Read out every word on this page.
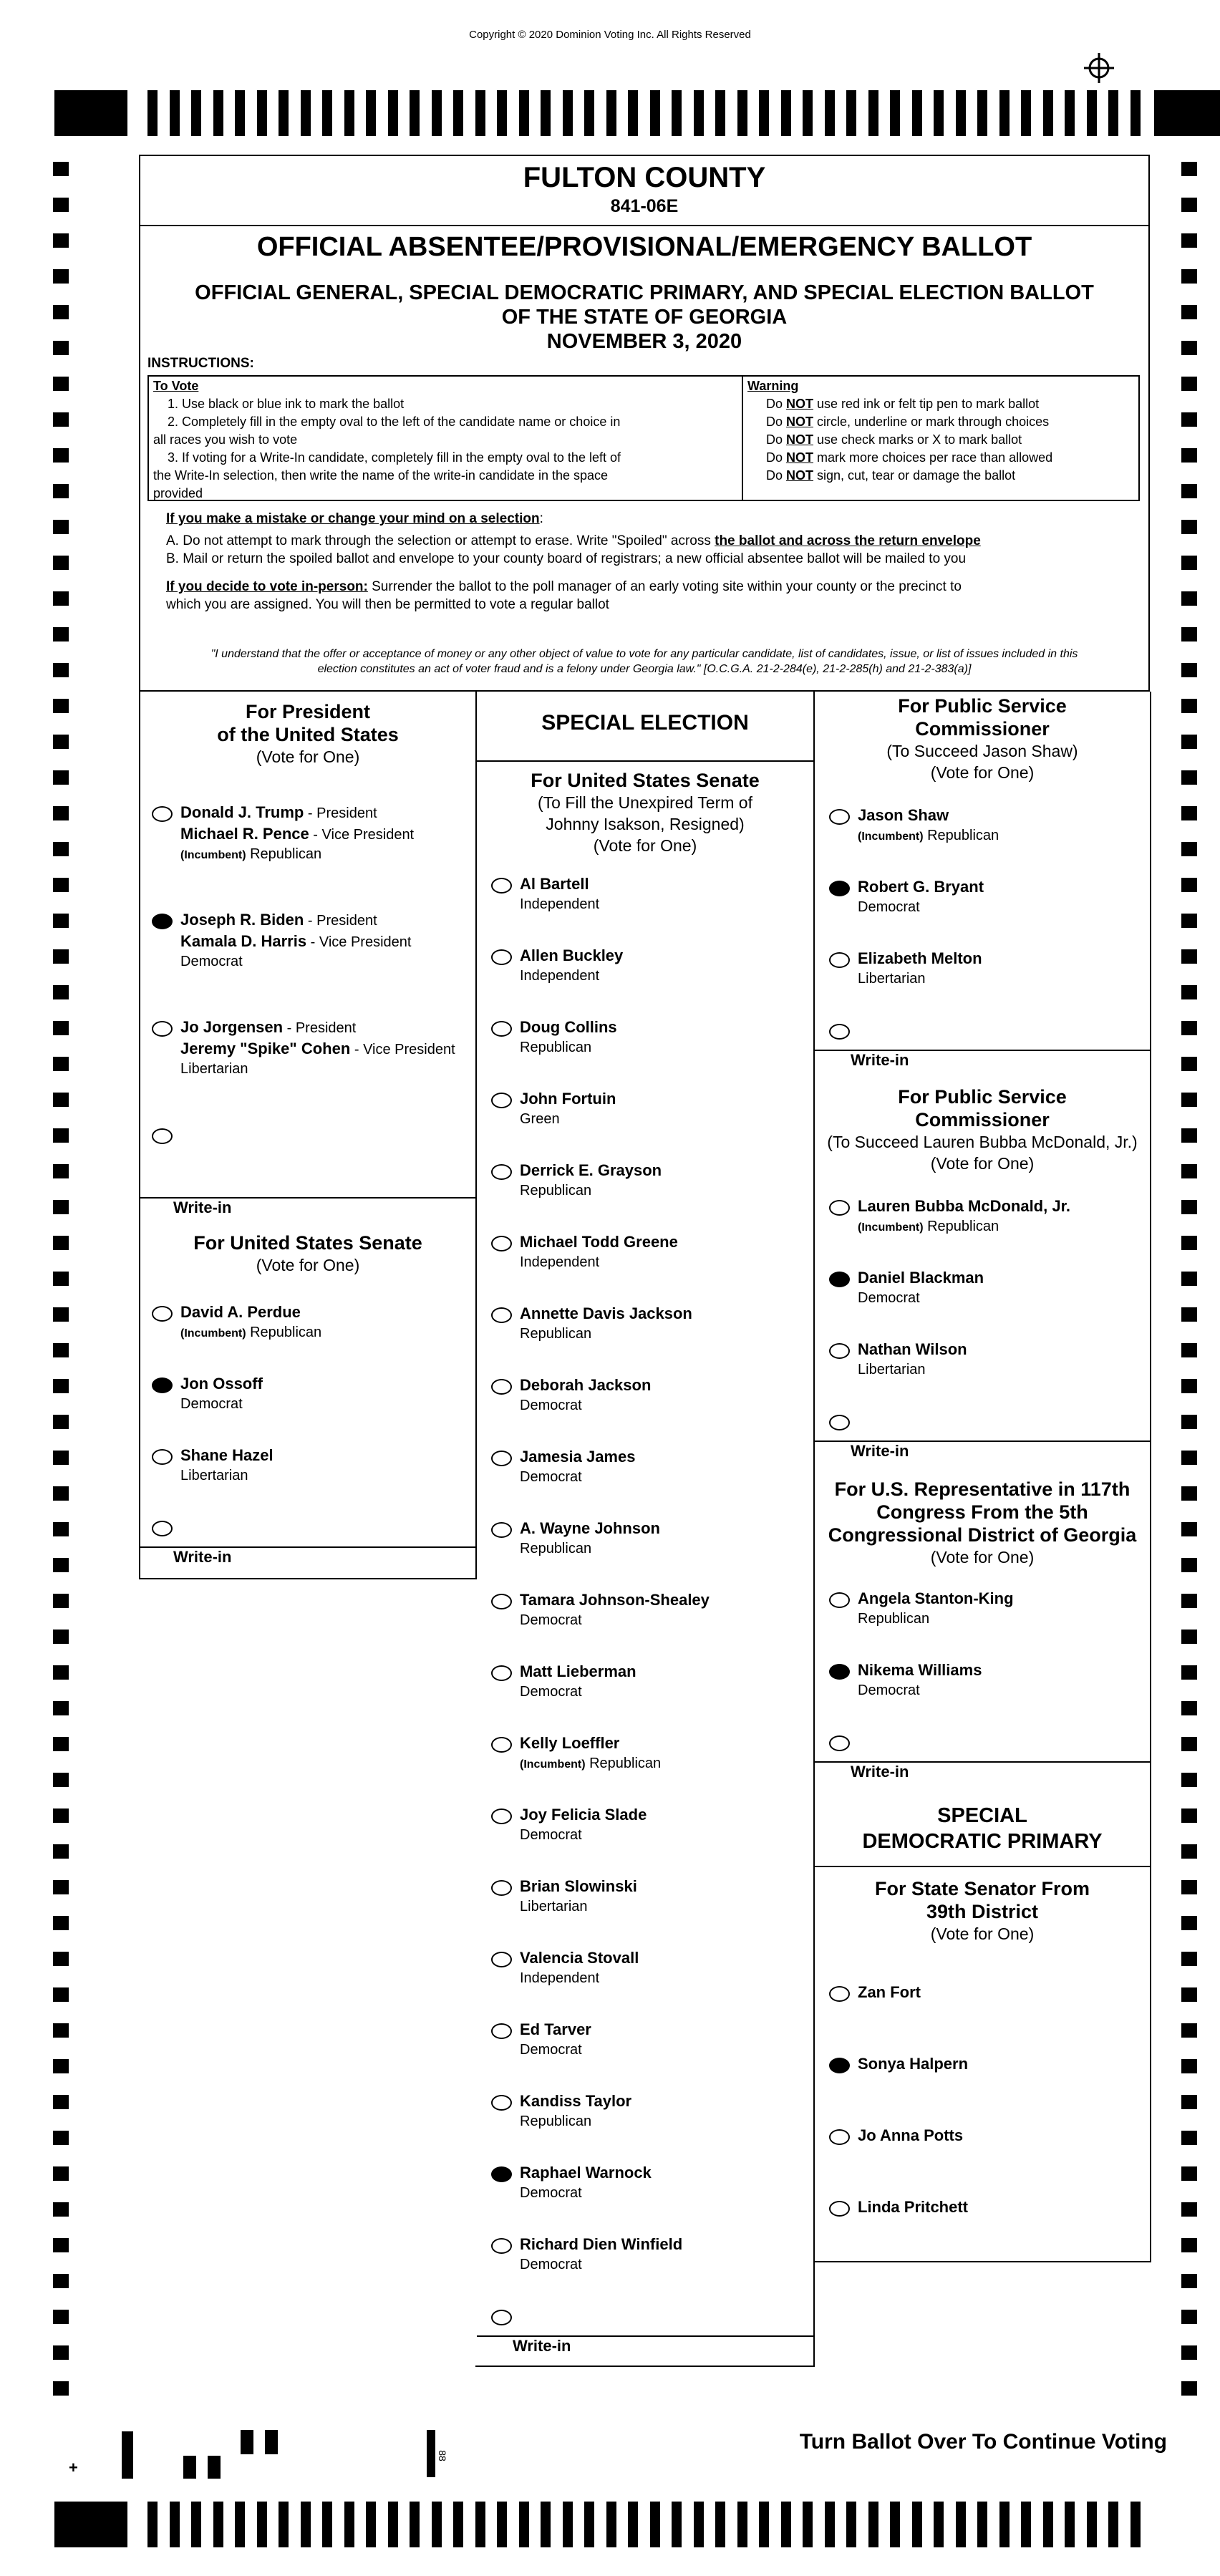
Copyright © 2020 Dominion Voting Inc. All Rights Reserved
FULTON COUNTY
841-06E
OFFICIAL ABSENTEE/PROVISIONAL/EMERGENCY BALLOT
OFFICIAL GENERAL, SPECIAL DEMOCRATIC PRIMARY, AND SPECIAL ELECTION BALLOT
OF THE STATE OF GEORGIA
NOVEMBER 3, 2020
INSTRUCTIONS:
To Vote
1. Use black or blue ink to mark the ballot
2. Completely fill in the empty oval to the left of the candidate name or choice in
all races you wish to vote
3. If voting for a Write-In candidate, completely fill in the empty oval to the left of
the Write-In selection, then write the name of the write-in candidate in the space
provided
Warning
Do NOT use red ink or felt tip pen to mark ballot
Do NOT circle, underline or mark through choices
Do NOT use check marks or X to mark ballot
Do NOT mark more choices per race than allowed
Do NOT sign, cut, tear or damage the ballot
If you make a mistake or change your mind on a selection:
A. Do not attempt to mark through the selection or attempt to erase. Write "Spoiled" across the ballot and across the return envelope
B. Mail or return the spoiled ballot and envelope to your county board of registrars; a new official absentee ballot will be mailed to you
If you decide to vote in-person: Surrender the ballot to the poll manager of an early voting site within your county or the precinct to
which you are assigned. You will then be permitted to vote a regular ballot
"I understand that the offer or acceptance of money or any other object of value to vote for any particular candidate, list of candidates, issue, or list of issues included in this
election constitutes an act of voter fraud and is a felony under Georgia law." [O.C.G.A. 21-2-284(e), 21-2-285(h) and 21-2-383(a)]
For President
of the United States
(Vote for One)
Donald J. Trump - President
Michael R. Pence - Vice President
(Incumbent) Republican
Joseph R. Biden - President
Kamala D. Harris - Vice President
Democrat
Jo Jorgensen - President
Jeremy "Spike" Cohen - Vice President
Libertarian
Write-in
For United States Senate
(Vote for One)
David A. Perdue
(Incumbent) Republican
Jon Ossoff
Democrat
Shane Hazel
Libertarian
Write-in
SPECIAL ELECTION
For United States Senate
(To Fill the Unexpired Term of
Johnny Isakson, Resigned)
(Vote for One)
Al Bartell
Independent
Allen Buckley
Independent
Doug Collins
Republican
John Fortuin
Green
Derrick E. Grayson
Republican
Michael Todd Greene
Independent
Annette Davis Jackson
Republican
Deborah Jackson
Democrat
Jamesia James
Democrat
A. Wayne Johnson
Republican
Tamara Johnson-Shealey
Democrat
Matt Lieberman
Democrat
Kelly Loeffler
(Incumbent) Republican
Joy Felicia Slade
Democrat
Brian Slowinski
Libertarian
Valencia Stovall
Independent
Ed Tarver
Democrat
Kandiss Taylor
Republican
Raphael Warnock
Democrat
Richard Dien Winfield
Democrat
Write-in
For Public Service
Commissioner
(To Succeed Jason Shaw)
(Vote for One)
Jason Shaw
(Incumbent) Republican
Robert G. Bryant
Democrat
Elizabeth Melton
Libertarian
Write-in
For Public Service
Commissioner
(To Succeed Lauren Bubba McDonald, Jr.)
(Vote for One)
Lauren Bubba McDonald, Jr.
(Incumbent) Republican
Daniel Blackman
Democrat
Nathan Wilson
Libertarian
Write-in
For U.S. Representative in 117th
Congress From the 5th
Congressional District of Georgia
(Vote for One)
Angela Stanton-King
Republican
Nikema Williams
Democrat
Write-in
SPECIAL
DEMOCRATIC PRIMARY
For State Senator From
39th District
(Vote for One)
Zan Fort
Sonya Halpern
Jo Anna Potts
Linda Pritchett
Turn Ballot Over To Continue Voting
88
+
